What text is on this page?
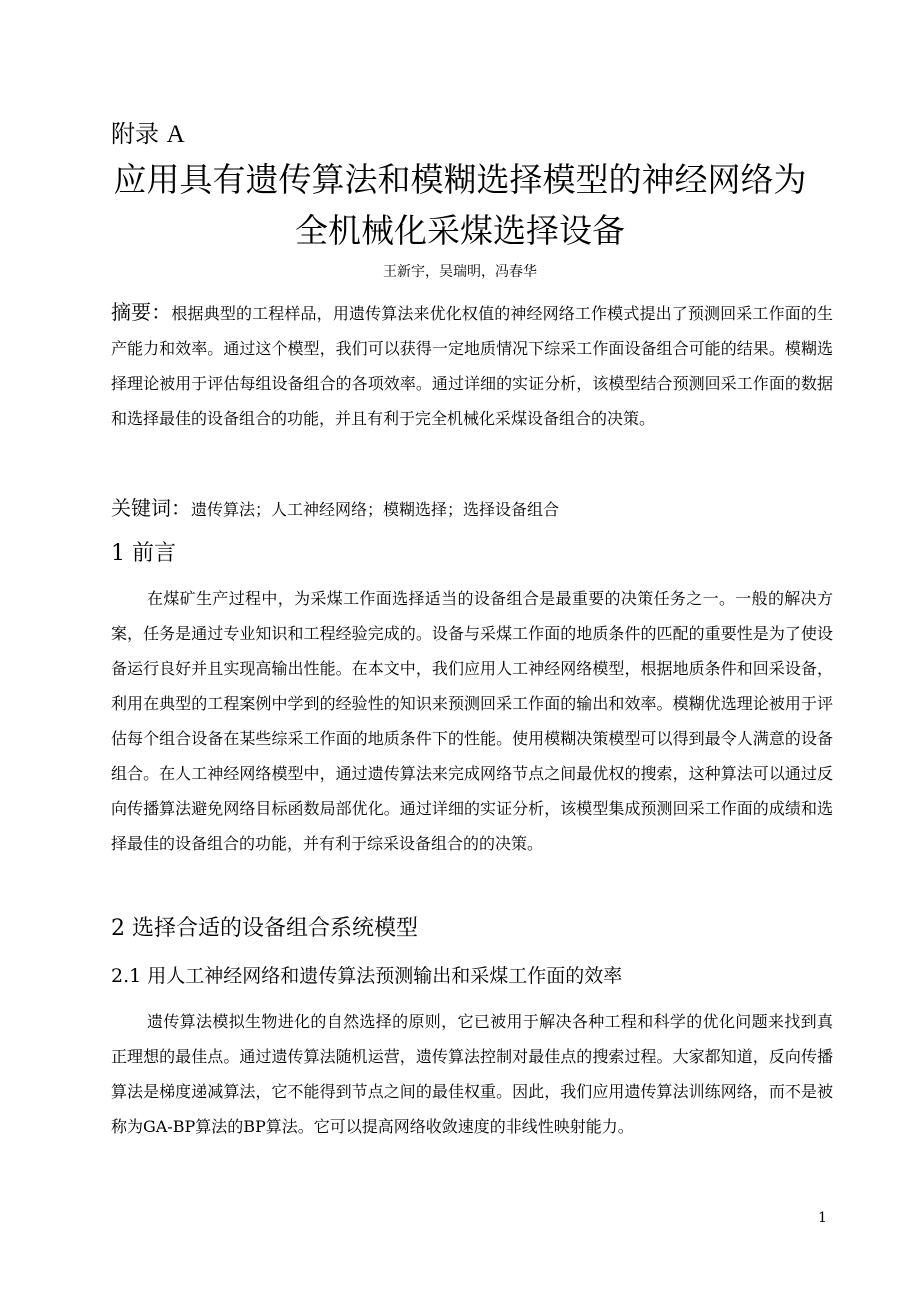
附录 A
应用具有遗传算法和模糊选择模型的神经网络为
全机械化采煤选择设备
王新宇，吴瑞明，冯春华
摘要：根据典型的工程样品，用遗传算法来优化权值的神经网络工作模式提出了预测回采工作面的生产能力和效率。通过这个模型，我们可以获得一定地质情况下综采工作面设备组合可能的结果。模糊选择理论被用于评估每组设备组合的各项效率。通过详细的实证分析，该模型结合预测回采工作面的数据和选择最佳的设备组合的功能，并且有利于完全机械化采煤设备组合的决策。
关键词：遗传算法；人工神经网络；模糊选择；选择设备组合
1 前言
在煤矿生产过程中，为采煤工作面选择适当的设备组合是最重要的决策任务之一。一般的解决方案，任务是通过专业知识和工程经验完成的。设备与采煤工作面的地质条件的匹配的重要性是为了使设备运行良好并且实现高输出性能。在本文中，我们应用人工神经网络模型，根据地质条件和回采设备，利用在典型的工程案例中学到的经验性的知识来预测回采工作面的输出和效率。模糊优选理论被用于评估每个组合设备在某些综采工作面的地质条件下的性能。使用模糊决策模型可以得到最令人满意的设备组合。在人工神经网络模型中，通过遗传算法来完成网络节点之间最优权的搜索，这种算法可以通过反向传播算法避免网络目标函数局部优化。通过详细的实证分析，该模型集成预测回采工作面的成绩和选择最佳的设备组合的功能，并有利于综采设备组合的的决策。
2 选择合适的设备组合系统模型
2.1 用人工神经网络和遗传算法预测输出和采煤工作面的效率
遗传算法模拟生物进化的自然选择的原则，它已被用于解决各种工程和科学的优化问题来找到真正理想的最佳点。通过遗传算法随机运营，遗传算法控制对最佳点的搜索过程。大家都知道，反向传播算法是梯度递减算法，它不能得到节点之间的最佳权重。因此，我们应用遗传算法训练网络，而不是被称为GA-BP算法的BP算法。它可以提高网络收敛速度的非线性映射能力。
1
